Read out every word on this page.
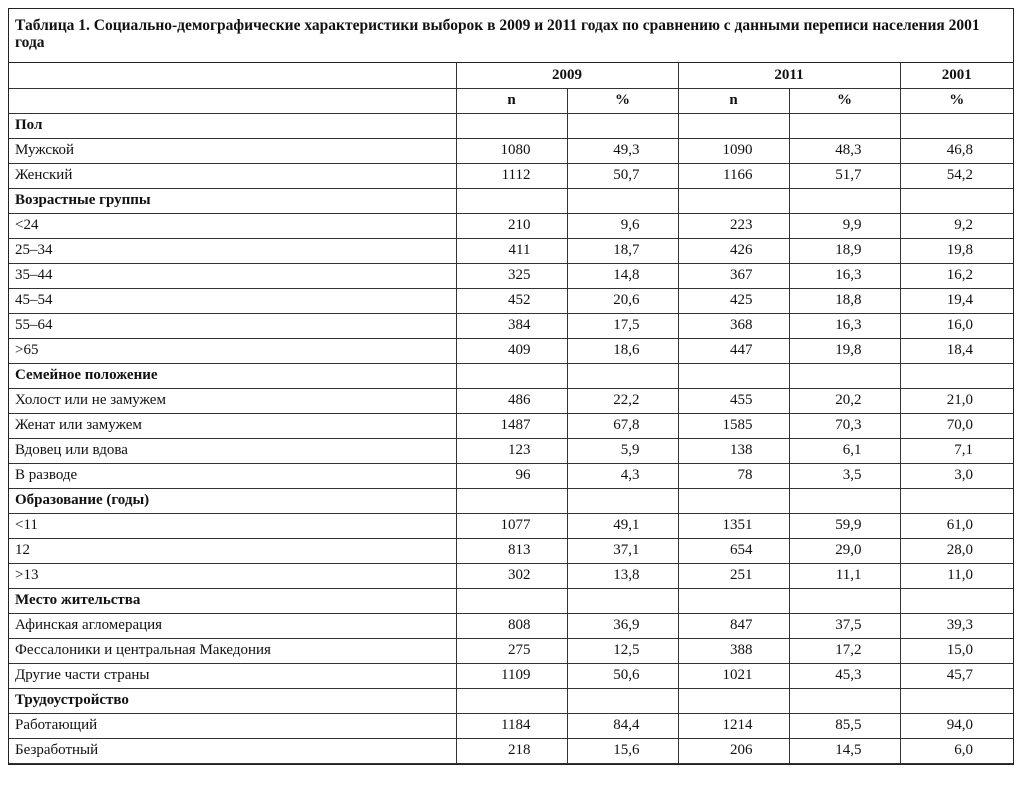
Таблица 1. Социально-демографические характеристики выборок в 2009 и 2011 годах по сравнению с данными переписи населения 2001 года
	2009		2011		2001
	n	%	n	%	%
Пол					
Мужской	1080	49,3	1090	48,3	46,8
Женский	1112	50,7	1166	51,7	54,2
Возрастные группы					
<24	210	9,6	223	9,9	9,2
25–34	411	18,7	426	18,9	19,8
35–44	325	14,8	367	16,3	16,2
45–54	452	20,6	425	18,8	19,4
55–64	384	17,5	368	16,3	16,0
>65	409	18,6	447	19,8	18,4
Семейное положение					
Холост или не замужем	486	22,2	455	20,2	21,0
Женат или замужем	1487	67,8	1585	70,3	70,0
Вдовец или вдова	123	5,9	138	6,1	7,1
В разводе	96	4,3	78	3,5	3,0
Образование (годы)					
<11	1077	49,1	1351	59,9	61,0
12	813	37,1	654	29,0	28,0
>13	302	13,8	251	11,1	11,0
Место жительства					
Афинская агломерация	808	36,9	847	37,5	39,3
Фессалоники и центральная Македония	275	12,5	388	17,2	15,0
Другие части страны	1109	50,6	1021	45,3	45,7
Трудоустройство					
Работающий	1184	84,4	1214	85,5	94,0
Безработный	218	15,6	206	14,5	6,0
